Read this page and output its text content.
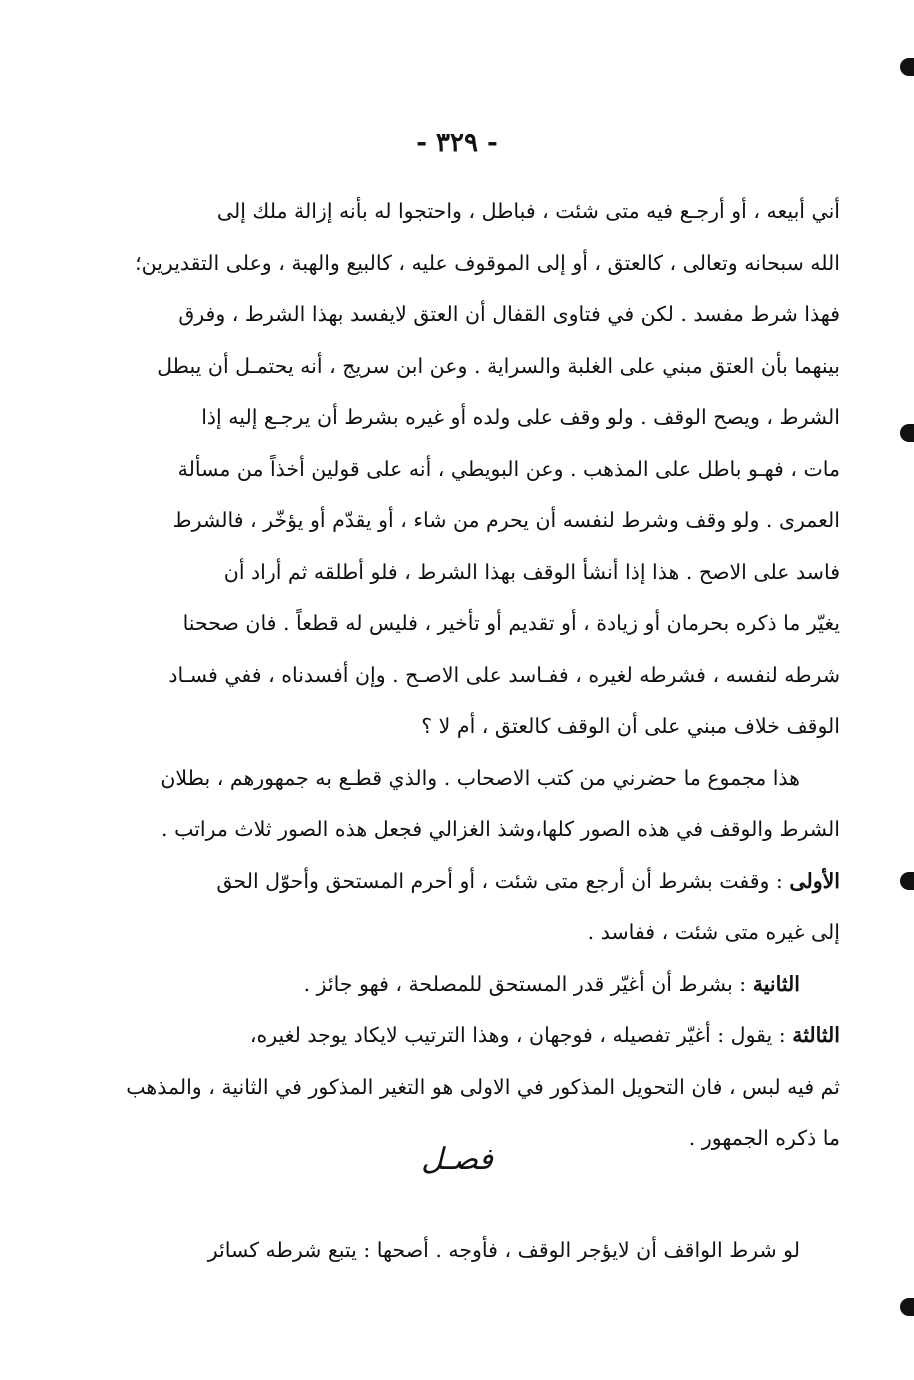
- ٣٢٩ -
أني أبيعه ، أو أرجـع فيه متى شئت ، فباطل ، واحتجوا له بأنه إزالة ملك إلى
الله سبحانه وتعالى ، كالعتق ، أو إلى الموقوف عليه ، كالبيع والهبة ، وعلى التقديرين؛
فهذا شرط مفسد . لكن في فتاوى القفال أن العتق لايفسد بهذا الشرط ، وفرق
بينهما بأن العتق مبني على الغلبة والسراية . وعن ابن سريج ، أنه يحتمـل أن يبطل
الشرط ، ويصح الوقف . ولو وقف على ولده أو غيره بشرط أن يرجـع إليه إذا
مات ، فهـو باطل على المذهب . وعن البويطي ، أنه على قولين أخذاً من مسألة
العمرى . ولو وقف وشرط لنفسه أن يحرم من شاء ، أو يقدّم أو يؤخّر ، فالشرط
فاسد على الاصح . هذا إذا أنشأ الوقف بهذا الشرط ، فلو أطلقه ثم أراد أن
يغيّر ما ذكره بحرمان أو زيادة ، أو تقديم أو تأخير ، فليس له قطعاً . فان صححنا
شرطه لنفسه ، فشرطه لغيره ، ففـاسد على الاصـح . وإن أفسدناه ، ففي فسـاد
الوقف خلاف مبني على أن الوقف كالعتق ، أم لا ؟
هذا مجموع ما حضرني من كتب الاصحاب . والذي قطـع به جمهورهم ، بطلان
الشرط والوقف في هذه الصور كلها،وشذ الغزالي فجعل هذه الصور ثلاث مراتب .
الأولى : وقفت بشرط أن أرجع متى شئت ، أو أحرم المستحق وأحوّل الحق
إلى غيره متى شئت ، ففاسد .
الثانية : بشرط أن أغيّر قدر المستحق للمصلحة ، فهو جائز .
الثالثة : يقول : أغيّر تفصيله ، فوجهان ، وهذا الترتيب لايكاد يوجد لغيره،
ثم فيه لبس ، فان التحويل المذكور في الاولى هو التغير المذكور في الثانية ، والمذهب
ما ذكره الجمهور .
فصـل
لو شرط الواقف أن لايؤجر الوقف ، فأوجه . أصحها : يتبع شرطه كسائر
